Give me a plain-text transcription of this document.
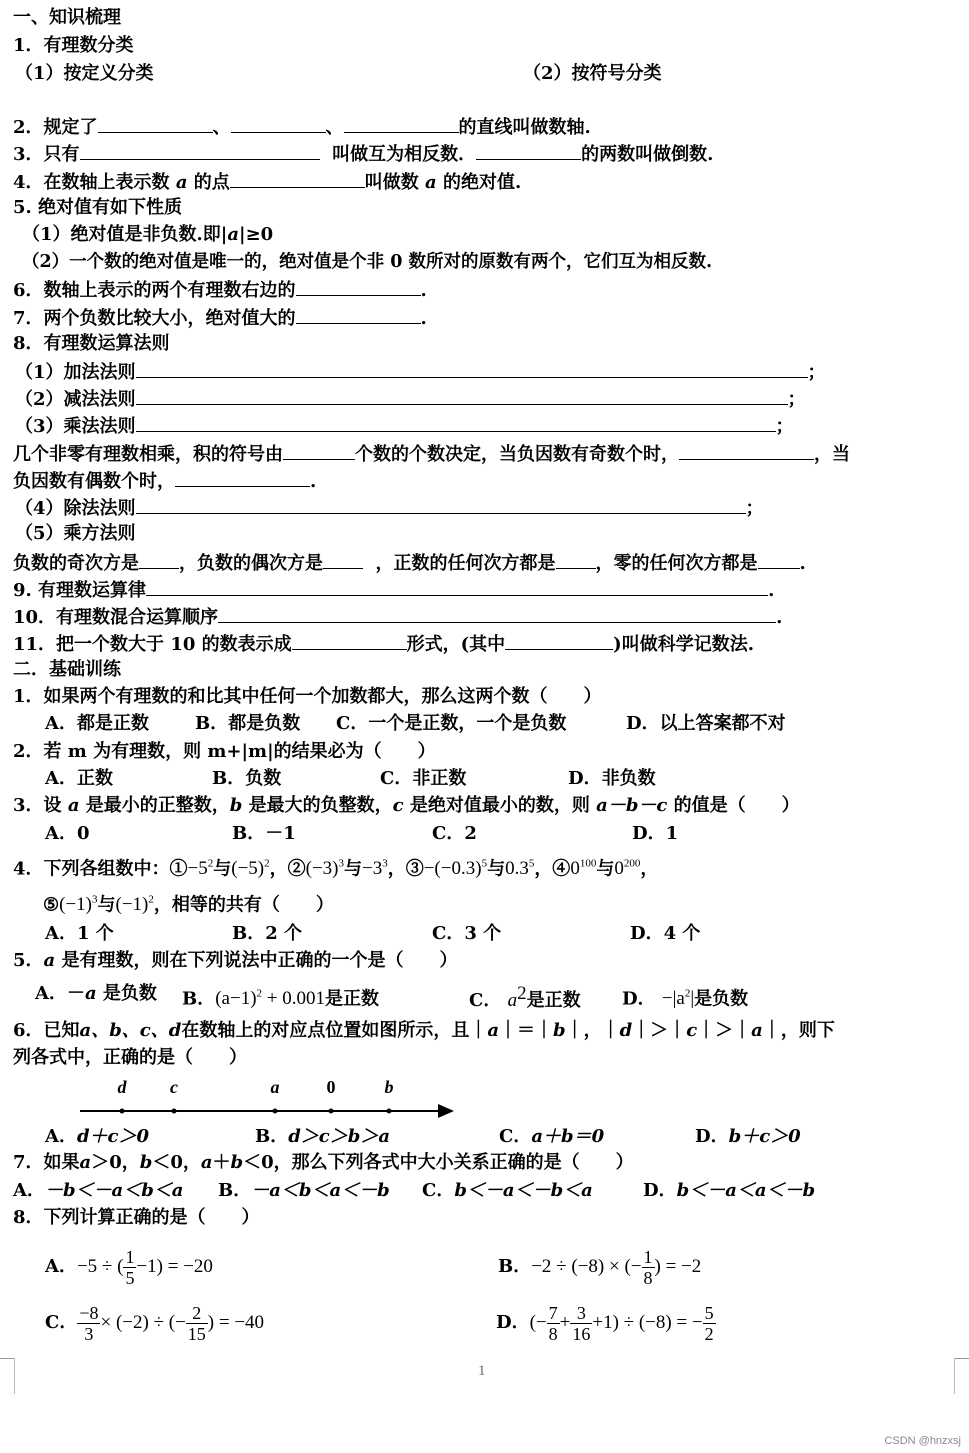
一、知识梳理
1．有理数分类
（1）按定义分类	（2）按符号分类
2．规定了	、	、	的直线叫做数轴.
3．只有	叫做互为相反数．	的两数叫做倒数.
4．在数轴上表示数 a 的点	叫做数 a 的绝对值.
5. 绝对值有如下性质
（1）绝对值是非负数.即|a|≥0
（2）一个数的绝对值是唯一的，绝对值是个非 0 数所对的原数有两个，它们互为相反数.
6．数轴上表示的两个有理数右边的	.
7．两个负数比较大小，绝对值大的	.
8．有理数运算法则
（1）加法法则	；
（2）减法法则	；
（3）乘法法则	；
几个非零有理数相乘，积的符号由	个数的个数决定，当负因数有奇数个时，	，当
负因数有偶数个时，	.
（4）除法法则	；
（5）乘方法则
负数的奇次方是 ，负数的偶次方是	，正数的任何次方都是 ，零的任何次方都是 .
9. 有理数运算律	.
10．有理数混合运算顺序	.
11．把一个数大于 10 的数表示成	形式，(其中	)叫做科学记数法.
二．基础训练
1．如果两个有理数的和比其中任何一个加数都大，那么这两个数（　　）
A．都是正数	B．都是负数 C．一个是正数，一个是负数	D．以上答案都不对
2．若 m 为有理数，则 m+|m|的结果必为（　　）
A．正数	B．负数	C．非正数	D．非负数
3．设 a 是最小的正整数，b 是最大的负整数，c 是绝对值最小的数，则 a－b－c 的值是（　　）
A．0	B．－1	C．2	D．1
4．下列各组数中：$①-5^2$与$(-5)^2$，$②(-3)^3$与$-3^3$，$③-(-0.3)^5$与$0.3^5$，$④0^{100}$与$0^{200}$，
$⑤(-1)^3$与$(-1)^2$，相等的共有（　　）
A．1 个	B．2 个	C．3 个	D．4 个
5．a 是有理数，则在下列说法中正确的一个是（　　）
A．－a 是负数 B．$(a-1)^2 + 0.001$是正数	C． $a^2$是正数 D． $-|a^2|$是负数
6．已知a、b、c、d在数轴上的对应点位置如图所示，且｜a｜＝｜b｜，｜d｜＞｜c｜＞｜a｜，则下
列各式中，正确的是（　　）
d c	a	0	b
A．d＋c＞0	B．d＞c＞b＞a	C．a＋b＝0	D．b＋c＞0
7．如果a＞0，b＜0，a＋b＜0，那么下列各式中大小关系正确的是（　　）
A．－b＜－a＜b＜a B．－a＜b＜a＜－b C．b＜－a＜－b＜a	D．b＜－a＜a＜－b
8．下列计算正确的是（　　）
A．−5 ÷ ( $\frac{1}{5} -1) = -20$	B．−2 ÷ (−8) × (− $\frac{1}{8}$ ) = −2
C． $\frac{-8}{3} \times (-2)$ ÷ (− $\frac{2}{15}$ ) = −40	D．(− $\frac{7}{8} + \frac{3}{16} +1) \div (-8)$ = − $\frac{5}{2}$
1
CSDN @hnzxsj
